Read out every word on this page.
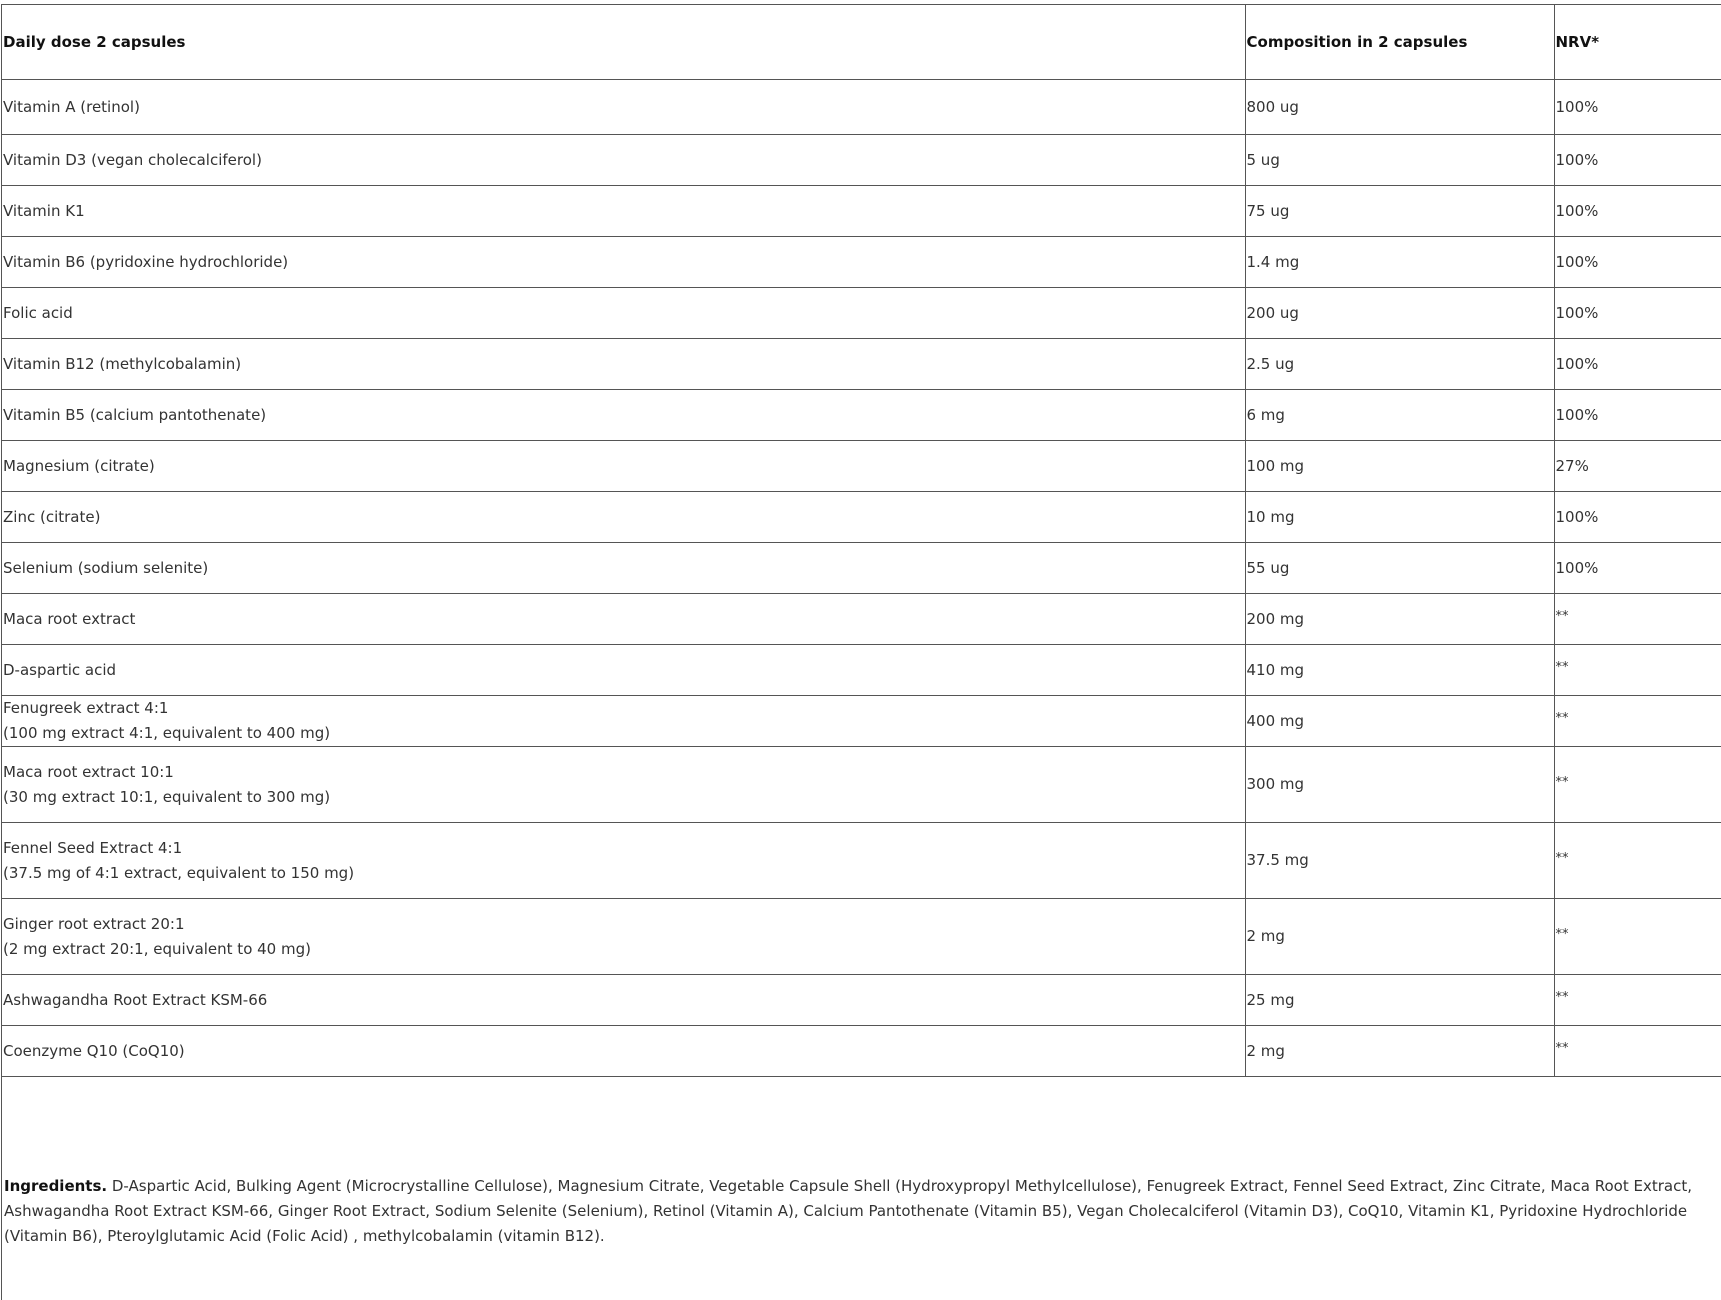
Daily dose 2 capsules	Composition in 2 capsules	NRV*
Vitamin A (retinol)	800 ug	100%
Vitamin D3 (vegan cholecalciferol)	5 ug	100%
Vitamin K1	75 ug	100%
Vitamin B6 (pyridoxine hydrochloride)	1.4 mg	100%
Folic acid	200 ug	100%
Vitamin B12 (methylcobalamin)	2.5 ug	100%
Vitamin B5 (calcium pantothenate)	6 mg	100%
Magnesium (citrate)	100 mg	27%
Zinc (citrate)	10 mg	100%
Selenium (sodium selenite)	55 ug	100%
Maca root extract	200 mg	**
D-aspartic acid	410 mg	**
Fenugreek extract 4:1
(100 mg extract 4:1, equivalent to 400 mg)	400 mg	**
Maca root extract 10:1
(30 mg extract 10:1, equivalent to 300 mg)	300 mg	**
Fennel Seed Extract 4:1
(37.5 mg of 4:1 extract, equivalent to 150 mg)	37.5 mg	**
Ginger root extract 20:1
(2 mg extract 20:1, equivalent to 40 mg)	2 mg	**
Ashwagandha Root Extract KSM-66	25 mg	**
Coenzyme Q10 (CoQ10)	2 mg	**
Ingredients. D-Aspartic Acid, Bulking Agent (Microcrystalline Cellulose), Magnesium Citrate, Vegetable Capsule Shell (Hydroxypropyl Methylcellulose), Fenugreek Extract, Fennel Seed Extract, Zinc Citrate, Maca Root Extract, Ashwagandha Root Extract KSM-66, Ginger Root Extract, Sodium Selenite (Selenium), Retinol (Vitamin A), Calcium Pantothenate (Vitamin B5), Vegan Cholecalciferol (Vitamin D3), CoQ10, Vitamin K1, Pyridoxine Hydrochloride (Vitamin B6), Pteroylglutamic Acid (Folic Acid) , methylcobalamin (vitamin B12).
